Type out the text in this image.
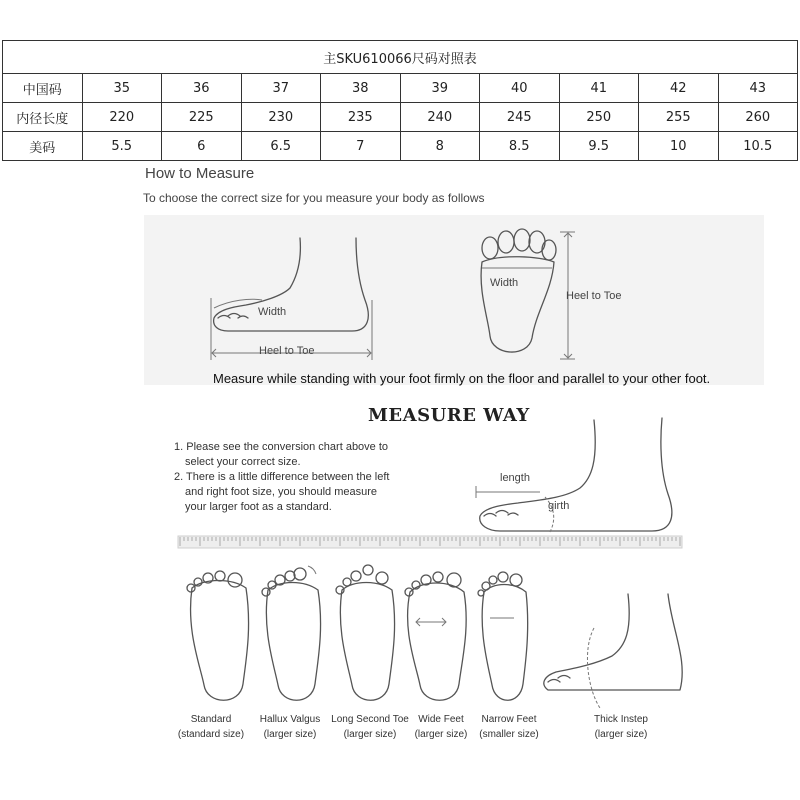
主SKU610066尺码对照表									
中国码	35	36	37	38	39	40	41	42	43
内径长度	220	225	230	235	240	245	250	255	260
美码	5.5	6	6.5	7	8	8.5	9.5	10	10.5
How to Measure
To choose the correct size for you measure your body as follows
Width
Heel to Toe
Width
Heel to Toe
Measure while standing with your foot firmly on the floor and parallel to your other foot.
MEASURE WAY

1. Please see the conversion chart above to

select your correct size.

2. There is a little difference between the left

and right foot size, you should measure

your larger foot as a standard.

length
girth
Standard
(standard size)
Hallux Valgus
(larger size)
Long Second Toe
(larger size)
Wide Feet
(larger size)
Narrow Feet
(smaller size)
Thick Instep
(larger size)
